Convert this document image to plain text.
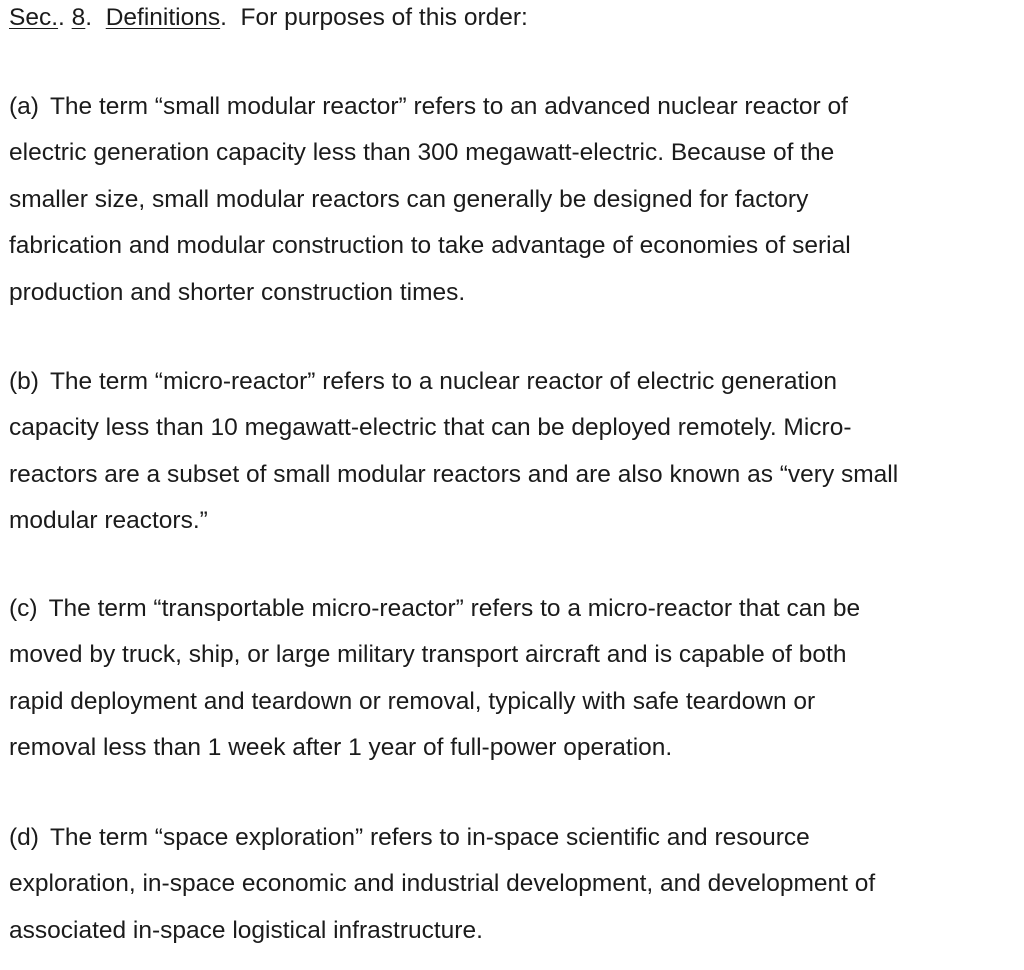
Sec.. 8.  Definitions.  For purposes of this order:
(a) The term “small modular reactor” refers to an advanced nuclear reactor of
electric generation capacity less than 300 megawatt-electric. Because of the
smaller size, small modular reactors can generally be designed for factory
fabrication and modular construction to take advantage of economies of serial
production and shorter construction times.
(b) The term “micro-reactor” refers to a nuclear reactor of electric generation
capacity less than 10 megawatt-electric that can be deployed remotely. Micro-
reactors are a subset of small modular reactors and are also known as “very small
modular reactors.”
(c) The term “transportable micro-reactor” refers to a micro-reactor that can be
moved by truck, ship, or large military transport aircraft and is capable of both
rapid deployment and teardown or removal, typically with safe teardown or
removal less than 1 week after 1 year of full-power operation.
(d) The term “space exploration” refers to in-space scientific and resource
exploration, in-space economic and industrial development, and development of
associated in-space logistical infrastructure.
